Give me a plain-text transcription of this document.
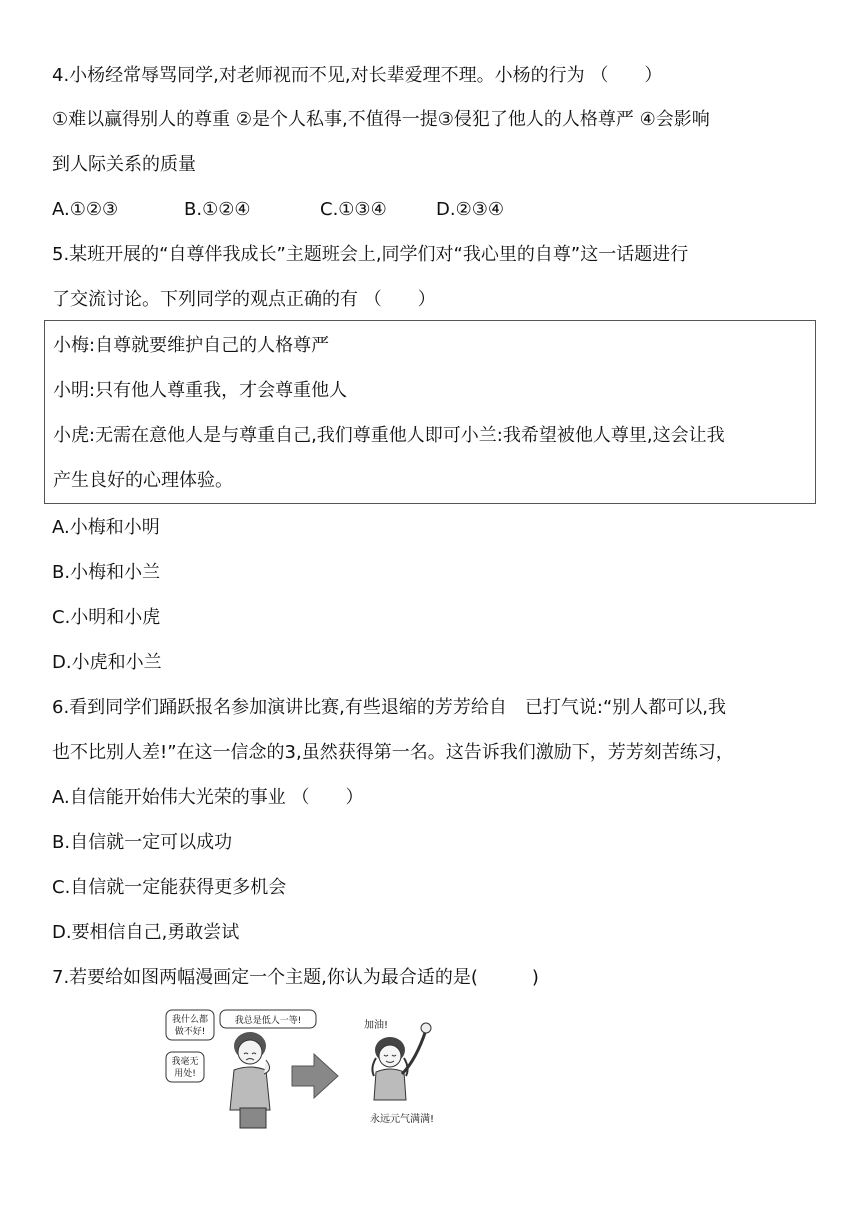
4.小杨经常辱骂同学,对老师视而不见,对长辈爱理不理。小杨的行为 （　　）
①难以赢得别人的尊重 ②是个人私事,不值得一提③侵犯了他人的人格尊严 ④会影响
到人际关系的质量
A.①②③	B.①②④	C.①③④	D.②③④
5.某班开展的“自尊伴我成长”主题班会上,同学们对“我心里的自尊”这一话题进行
了交流讨论。下列同学的观点正确的有 （　　）
小梅:自尊就要维护自己的人格尊严
小明:只有他人尊重我，才会尊重他人
小虎:无需在意他人是与尊重自己,我们尊重他人即可小兰:我希望被他人尊里,这会让我
产生良好的心理体验。
A.小梅和小明
B.小梅和小兰
C.小明和小虎
D.小虎和小兰
6.看到同学们踊跃报名参加演讲比赛,有些退缩的芳芳给自　已打气说:“别人都可以,我
也不比别人差!”在这一信念的3,虽然获得第一名。这告诉我们激励下，芳芳刻苦练习，
A.自信能开始伟大光荣的事业 （　　）
B.自信就一定可以成功
C.自信就一定能获得更多机会
D.要相信自己,勇敢尝试
7.若要给如图两幅漫画定一个主题,你认为最合适的是(　　　)
我什么都
做不好!
我总是低人一等!
我毫无
用处!
加油!
永远元气满满!
